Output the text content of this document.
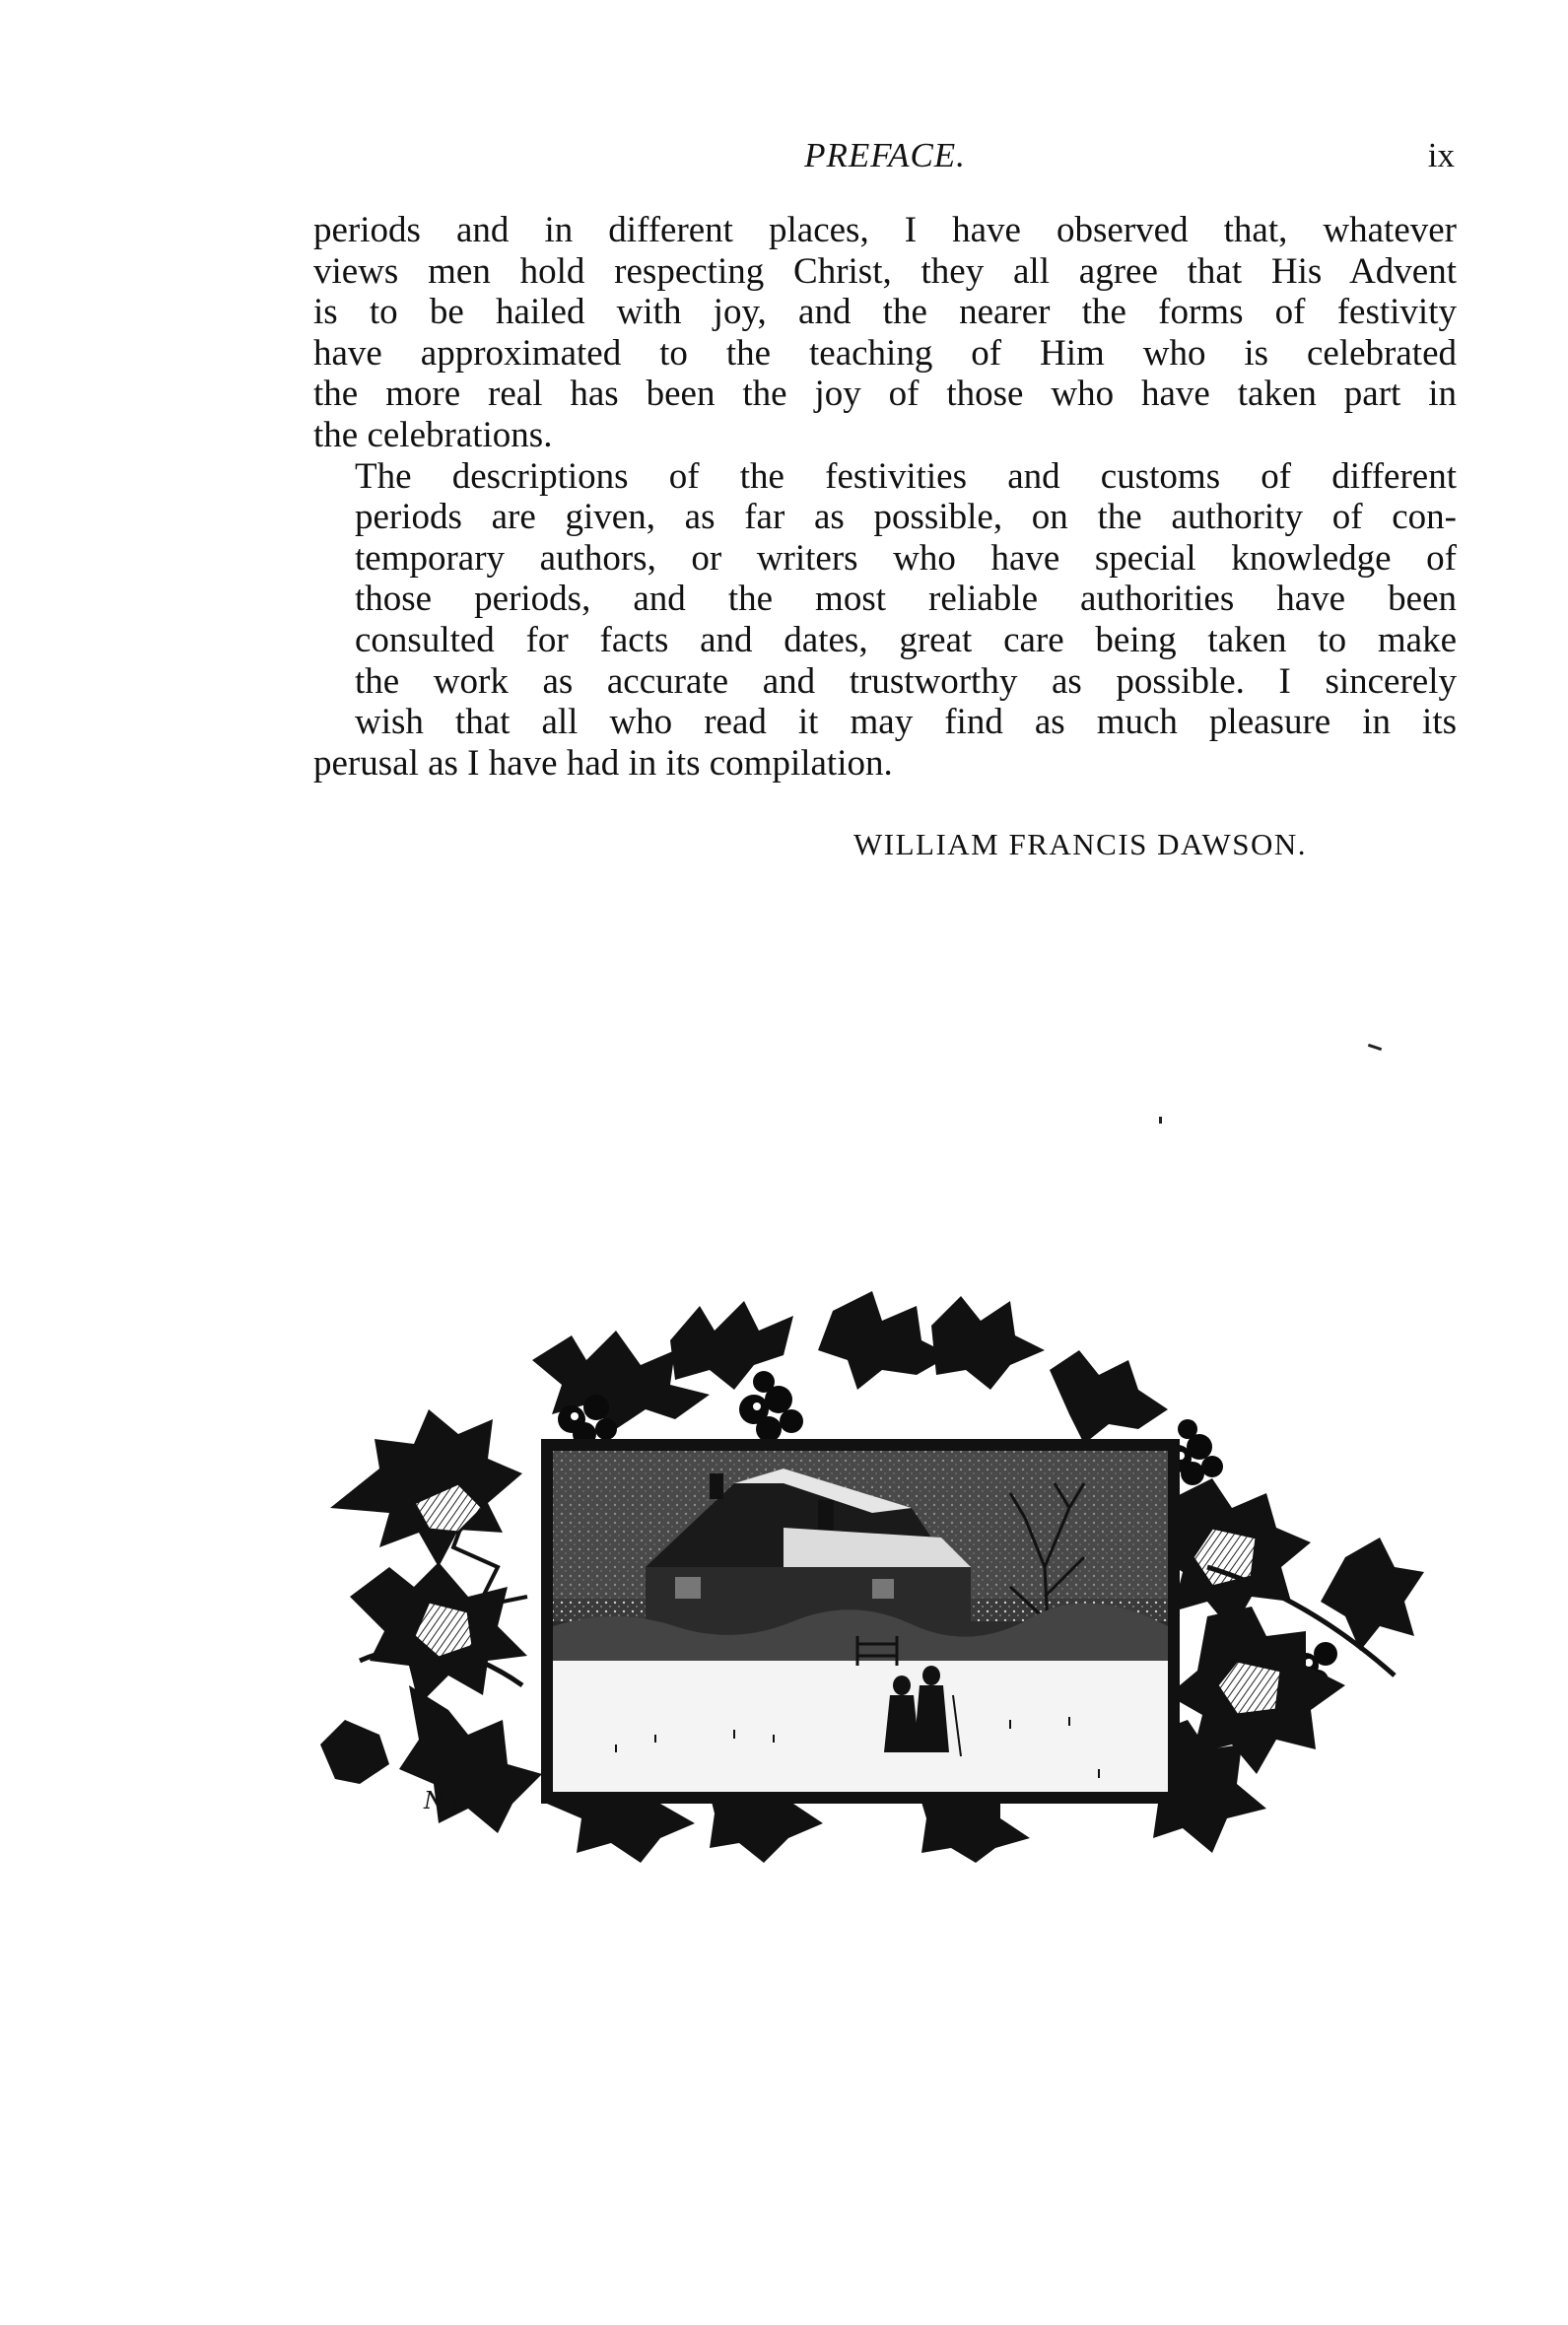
PREFACE.	ix

periods and in different places, I have observed that, whatever
views men hold respecting Christ, they all agree that His Advent
is to be hailed with joy, and the nearer the forms of festivity
have approximated to the teaching of Him who is celebrated
the more real has been the joy of those who have taken part in

the celebrations.

The descriptions of the festivities and customs of different
periods are given, as far as possible, on the authority of con-
temporary authors, or writers who have special knowledge of
those periods, and the most reliable authorities have been
consulted for facts and dates, great care being taken to make
the work as accurate and trustworthy as possible. I sincerely
wish that all who read it may find as much pleasure in its

perusal as I have had in its compilation.

WILLIAM FRANCIS DAWSON.
N.RS.
